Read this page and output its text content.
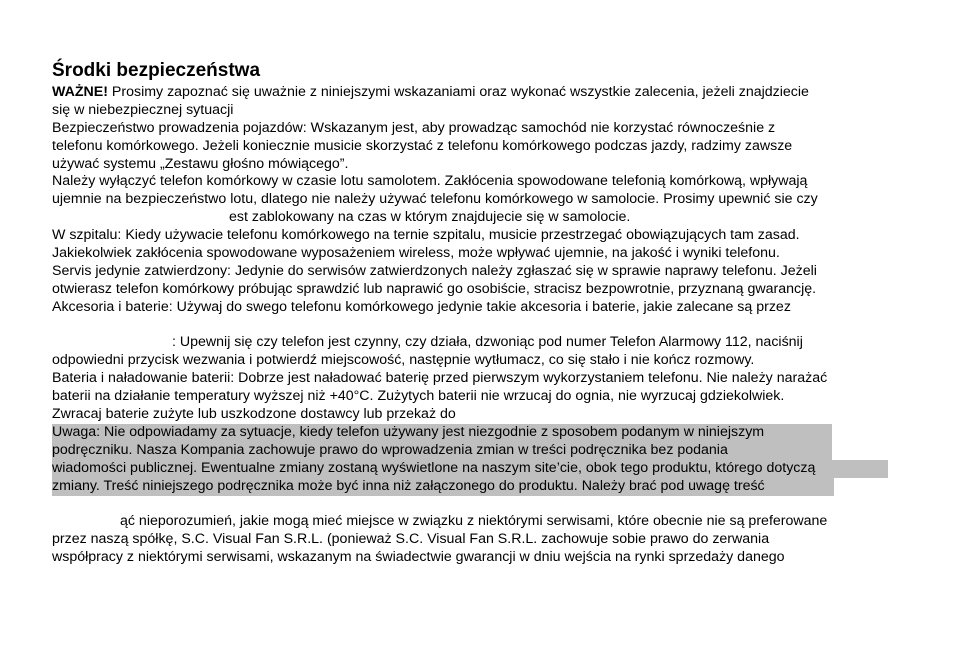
Środki bezpieczeństwa
WAŻNE! Prosimy zapoznać się uważnie z niniejszymi wskazaniami oraz wykonać wszystkie zalecenia, jeżeli znajdziecie
się w niebezpiecznej sytuacji
Bezpieczeństwo prowadzenia pojazdów: Wskazanym jest, aby prowadząc samochód nie korzystać równocześnie z
telefonu komórkowego. Jeżeli koniecznie musicie skorzystać z telefonu komórkowego podczas jazdy, radzimy zawsze
używać systemu „Zestawu głośno mówiącego”.
Należy wyłączyć telefon komórkowy w czasie lotu samolotem. Zakłócenia spowodowane telefonią komórkową, wpływają
ujemnie na bezpieczeństwo lotu, dlatego nie należy używać telefonu komórkowego w samolocie. Prosimy upewnić sie czy
est zablokowany na czas w którym znajdujecie się w samolocie.
W szpitalu: Kiedy używacie telefonu komórkowego na ternie szpitalu, musicie przestrzegać obowiązujących tam zasad.
Jakiekolwiek zakłócenia spowodowane wyposażeniem wireless, może wpływać ujemnie, na jakość i wyniki telefonu.
Servis jedynie zatwierdzony: Jedynie do serwisów zatwierdzonych należy zgłaszać się w sprawie naprawy telefonu. Jeżeli
otwierasz telefon komórkowy próbując sprawdzić lub naprawić go osobiście, stracisz bezpowrotnie, przyznaną gwarancję.
Akcesoria i baterie: Używaj do swego telefonu komórkowego jedynie takie akcesoria i baterie, jakie zalecane są przez
: Upewnij się czy telefon jest czynny, czy działa, dzwoniąc pod numer Telefon Alarmowy 112, naciśnij
odpowiedni przycisk wezwania i potwierdź miejscowość, następnie wytłumacz, co się stało i nie kończ rozmowy.
Bateria i naładowanie baterii: Dobrze jest naładować baterię przed pierwszym wykorzystaniem telefonu. Nie należy narażać
baterii na działanie temperatury wyższej niż +40°C. Zużytych baterii nie wrzucaj do ognia, nie wyrzucaj gdziekolwiek.
Zwracaj baterie zużyte lub uszkodzone dostawcy lub przekaż do
Uwaga: Nie odpowiadamy za sytuacje, kiedy telefon używany jest niezgodnie z sposobem podanym w niniejszym
podręczniku. Nasza Kompania zachowuje prawo do wprowadzenia zmian w treści podręcznika bez podania
wiadomości publicznej. Ewentualne zmiany zostaną wyświetlone na naszym site’cie, obok tego produktu, którego dotyczą
zmiany. Treść niniejszego podręcznika może być inna niż załączonego do produktu. Należy brać pod uwagę treść
ąć nieporozumień, jakie mogą mieć miejsce w związku z niektórymi serwisami, które obecnie nie są preferowane
przez naszą spółkę, S.C. Visual Fan S.R.L. (ponieważ S.C. Visual Fan S.R.L. zachowuje sobie prawo do zerwania
współpracy z niektórymi serwisami, wskazanym na świadectwie gwarancji w dniu wejścia na rynki sprzedaży danego
